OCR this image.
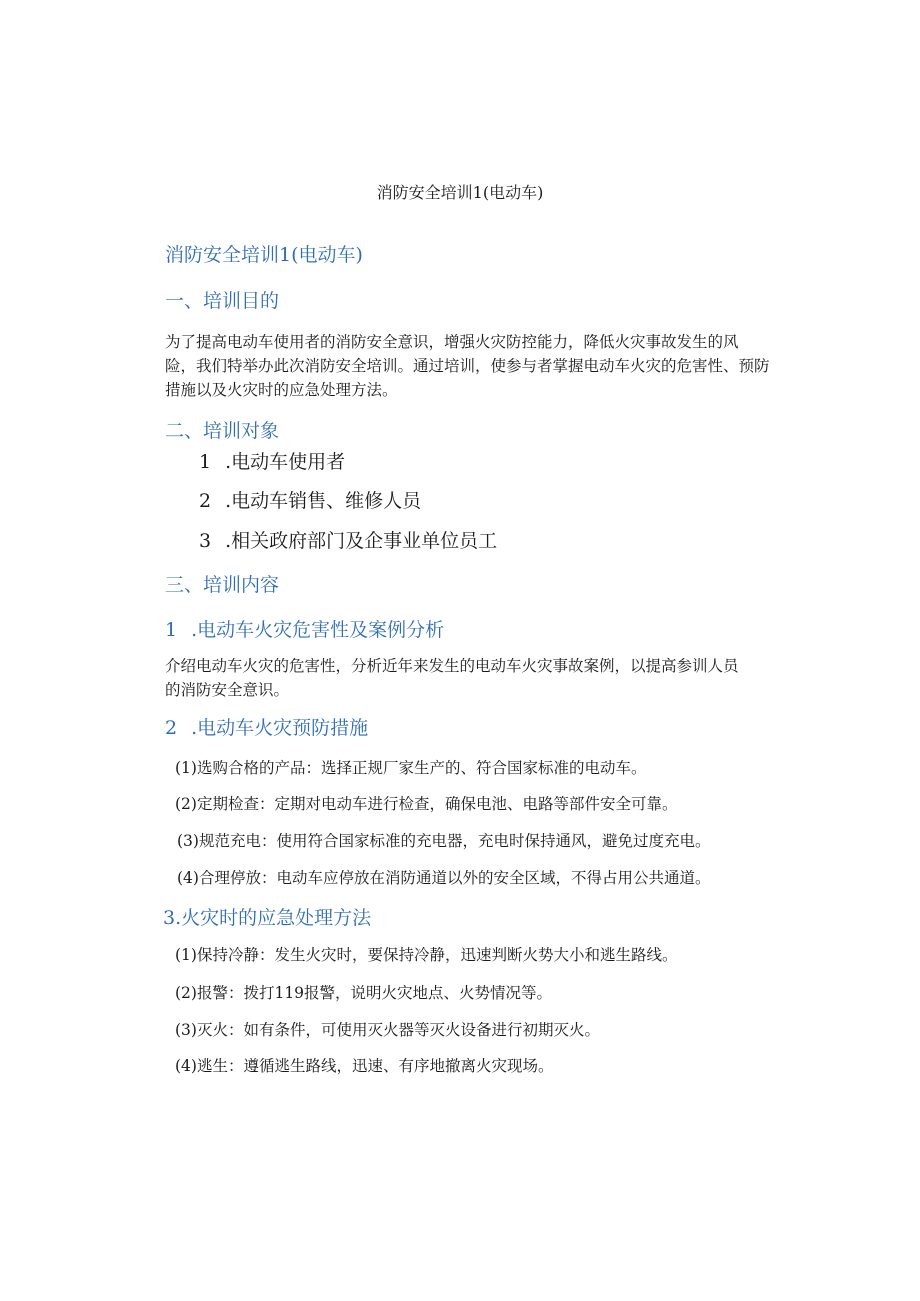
消防安全培训1(电动车)
消防安全培训1(电动车)
一、培训目的
为了提高电动车使用者的消防安全意识，增强火灾防控能力，降低火灾事故发生的风
险，我们特举办此次消防安全培训。通过培训，使参与者掌握电动车火灾的危害性、预防
措施以及火灾时的应急处理方法。
二、培训对象
1 .电动车使用者
2 .电动车销售、维修人员
3 .相关政府部门及企事业单位员工
三、培训内容
1 .电动车火灾危害性及案例分析
介绍电动车火灾的危害性，分析近年来发生的电动车火灾事故案例，以提高参训人员
的消防安全意识。
2 .电动车火灾预防措施
(1)选购合格的产品：选择正规厂家生产的、符合国家标准的电动车。
(2)定期检查：定期对电动车进行检查，确保电池、电路等部件安全可靠。
(3)规范充电：使用符合国家标准的充电器，充电时保持通风，避免过度充电。
(4)合理停放：电动车应停放在消防通道以外的安全区域，不得占用公共通道。
3.火灾时的应急处理方法
(1)保持冷静：发生火灾时，要保持冷静，迅速判断火势大小和逃生路线。
(2)报警：拨打119报警，说明火灾地点、火势情况等。
(3)灭火：如有条件，可使用灭火器等灭火设备进行初期灭火。
(4)逃生：遵循逃生路线，迅速、有序地撤离火灾现场。
